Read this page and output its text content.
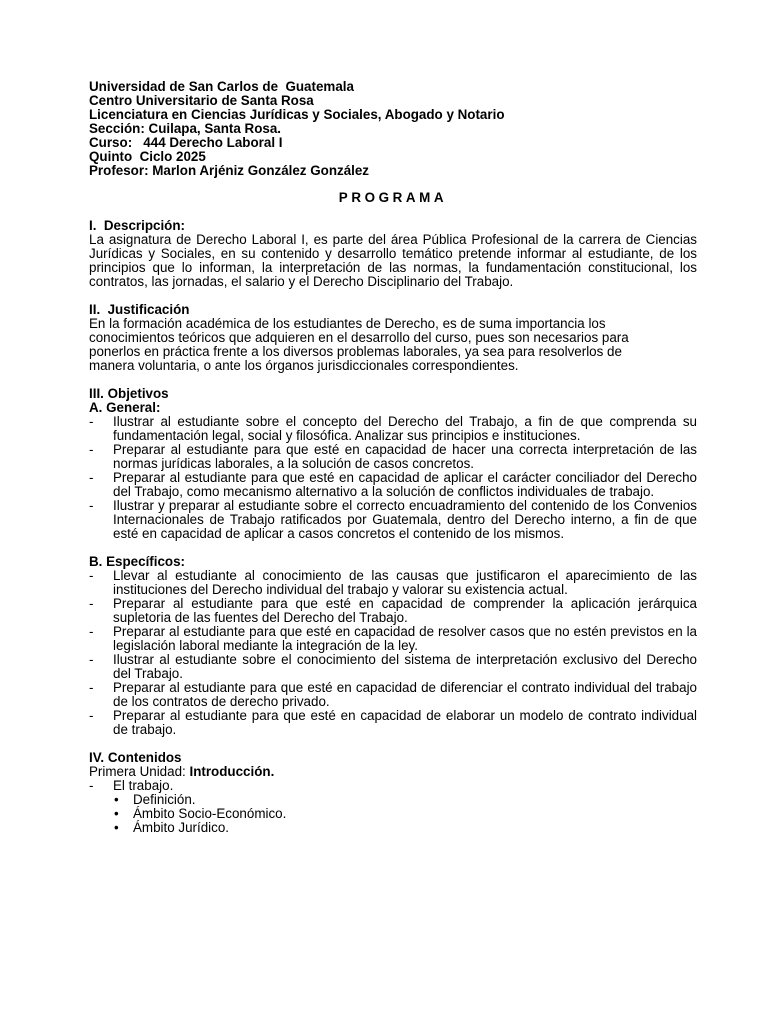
Universidad de San Carlos de  Guatemala

Centro Universitario de Santa Rosa

Licenciatura en Ciencias Jurídicas y Sociales, Abogado y Notario

Sección: Cuilapa, Santa Rosa.

Curso:   444 Derecho Laboral I

Quinto  Ciclo 2025

Profesor: Marlon Arjéniz González González

PROGRAMA

I.  Descripción:

La asignatura de Derecho Laboral I, es parte del área Pública Profesional de la carrera de Ciencias Jurídicas y Sociales, en su contenido y desarrollo temático pretende informar al estudiante, de los principios que lo informan, la interpretación de las normas, la fundamentación constitucional, los contratos, las jornadas, el salario y el Derecho Disciplinario del Trabajo.

II.  Justificación

En la formación académica de los estudiantes de Derecho, es de suma importancia los
conocimientos teóricos que adquieren en el desarrollo del curso, pues son necesarios para
ponerlos en práctica frente a los diversos problemas laborales, ya sea para resolverlos de
manera voluntaria, o ante los órganos jurisdiccionales correspondientes.

III. Objetivos

A. General:

- Ilustrar al estudiante sobre el concepto del Derecho del Trabajo, a fin de que comprenda su fundamentación legal, social y filosófica. Analizar sus principios e instituciones.
- Preparar al estudiante para que esté en capacidad de hacer una correcta interpretación de las normas jurídicas laborales, a la solución de casos concretos.
- Preparar al estudiante para que esté en capacidad de aplicar el carácter conciliador del Derecho del Trabajo, como mecanismo alternativo a la solución de conflictos individuales de trabajo.
- Ilustrar y preparar al estudiante sobre el correcto encuadramiento del contenido de los Convenios Internacionales de Trabajo ratificados por Guatemala, dentro del Derecho interno, a fin de que esté en capacidad de aplicar a casos concretos el contenido de los mismos.

B. Específicos:

- Llevar al estudiante al conocimiento de las causas que justificaron el aparecimiento de las instituciones del Derecho individual del trabajo y valorar su existencia actual.
- Preparar al estudiante para que esté en capacidad de comprender la aplicación jerárquica supletoria de las fuentes del Derecho del Trabajo.
- Preparar al estudiante para que esté en capacidad de resolver casos que no estén previstos en la legislación laboral mediante la integración de la ley.
- Ilustrar al estudiante sobre el conocimiento del sistema de interpretación exclusivo del Derecho del Trabajo.
- Preparar al estudiante para que esté en capacidad de diferenciar el contrato individual del trabajo de los contratos de derecho privado.
- Preparar al estudiante para que esté en capacidad de elaborar un modelo de contrato individual de trabajo.

IV. Contenidos

Primera Unidad: Introducción.

- El trabajo.
• Definición.
• Ámbito Socio-Económico.
• Ámbito Jurídico.
